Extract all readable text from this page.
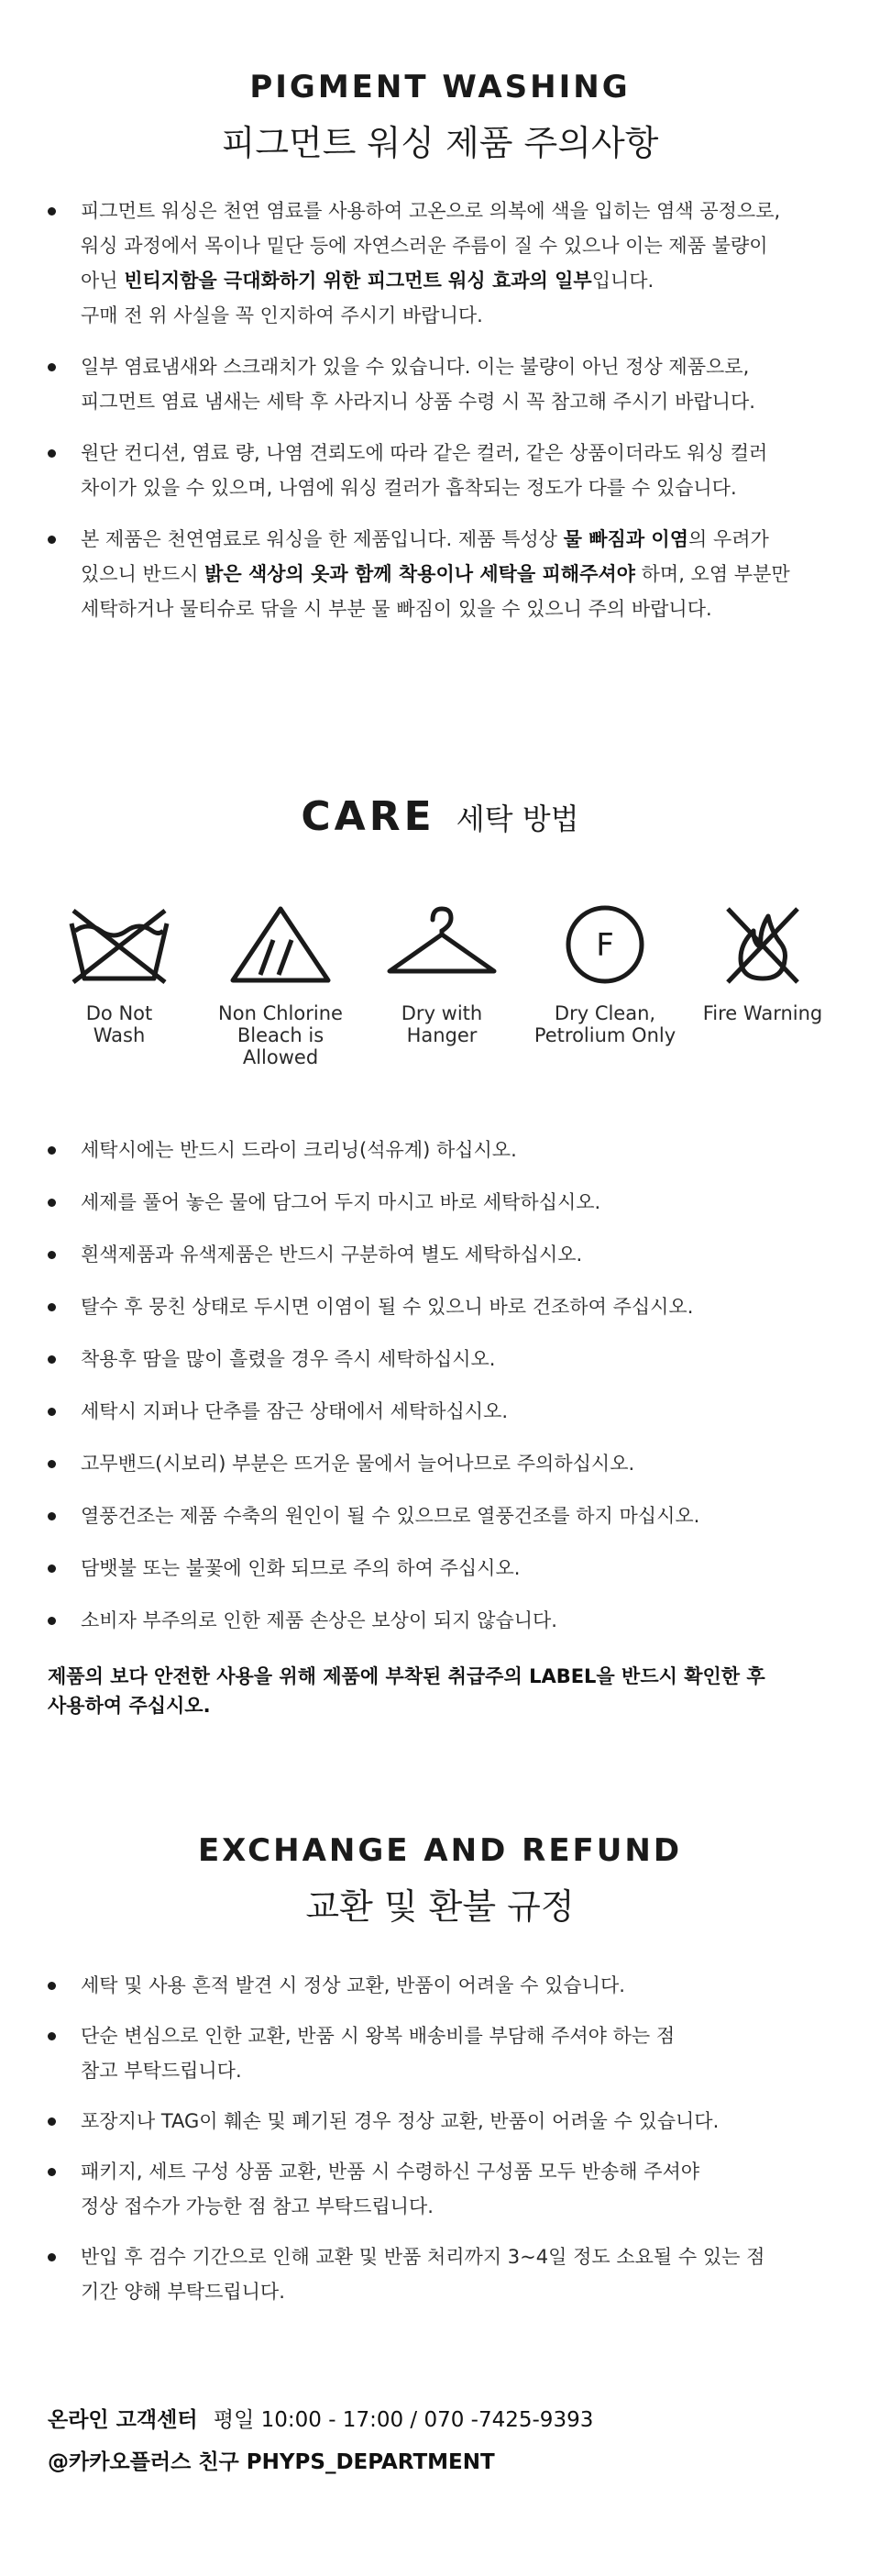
PIGMENT WASHING
피그먼트 워싱 제품 주의사항
피그먼트 워싱은 천연 염료를 사용하여 고온으로 의복에 색을 입히는 염색 공정으로,
워싱 과정에서 목이나 밑단 등에 자연스러운 주름이 질 수 있으나 이는 제품 불량이
아닌 빈티지함을 극대화하기 위한 피그먼트 워싱 효과의 일부입니다.
구매 전 위 사실을 꼭 인지하여 주시기 바랍니다.
일부 염료냄새와 스크래치가 있을 수 있습니다. 이는 불량이 아닌 정상 제품으로,
피그먼트 염료 냄새는 세탁 후 사라지니 상품 수령 시 꼭 참고해 주시기 바랍니다.
원단 컨디션, 염료 량, 나염 견뢰도에 따라 같은 컬러, 같은 상품이더라도 워싱 컬러
차이가 있을 수 있으며, 나염에 워싱 컬러가 흡착되는 정도가 다를 수 있습니다.
본 제품은 천연염료로 워싱을 한 제품입니다. 제품 특성상 물 빠짐과 이염의 우려가
있으니 반드시 밝은 색상의 옷과 함께 착용이나 세탁을 피해주셔야 하며, 오염 부분만
세탁하거나 물티슈로 닦을 시 부분 물 빠짐이 있을 수 있으니 주의 바랍니다.
CARE 세탁 방법
Do Not
Wash
Non Chlorine
Bleach is
Allowed
Dry with
Hanger
F
Dry Clean,
Petrolium Only
Fire Warning
세탁시에는 반드시 드라이 크리닝(석유계) 하십시오.
세제를 풀어 놓은 물에 담그어 두지 마시고 바로 세탁하십시오.
흰색제품과 유색제품은 반드시 구분하여 별도 세탁하십시오.
탈수 후 뭉친 상태로 두시면 이염이 될 수 있으니 바로 건조하여 주십시오.
착용후 땀을 많이 흘렸을 경우 즉시 세탁하십시오.
세탁시 지퍼나 단추를 잠근 상태에서 세탁하십시오.
고무밴드(시보리) 부분은 뜨거운 물에서 늘어나므로 주의하십시오.
열풍건조는 제품 수축의 원인이 될 수 있으므로 열풍건조를 하지 마십시오.
담뱃불 또는 불꽃에 인화 되므로 주의 하여 주십시오.
소비자 부주의로 인한 제품 손상은 보상이 되지 않습니다.
제품의 보다 안전한 사용을 위해 제품에 부착된 취급주의 LABEL을 반드시 확인한 후
사용하여 주십시오.
EXCHANGE AND REFUND
교환 및 환불 규정
세탁 및 사용 흔적 발견 시 정상 교환, 반품이 어려울 수 있습니다.
단순 변심으로 인한 교환, 반품 시 왕복 배송비를 부담해 주셔야 하는 점
참고 부탁드립니다.
포장지나 TAG이 훼손 및 폐기된 경우 정상 교환, 반품이 어려울 수 있습니다.
패키지, 세트 구성 상품 교환, 반품 시 수령하신 구성품 모두 반송해 주셔야
정상 접수가 가능한 점 참고 부탁드립니다.
반입 후 검수 기간으로 인해 교환 및 반품 처리까지 3~4일 정도 소요될 수 있는 점
기간 양해 부탁드립니다.
온라인 고객센터 평일 10:00 - 17:00 / 070 -7425-9393
@카카오플러스 친구 PHYPS_DEPARTMENT
